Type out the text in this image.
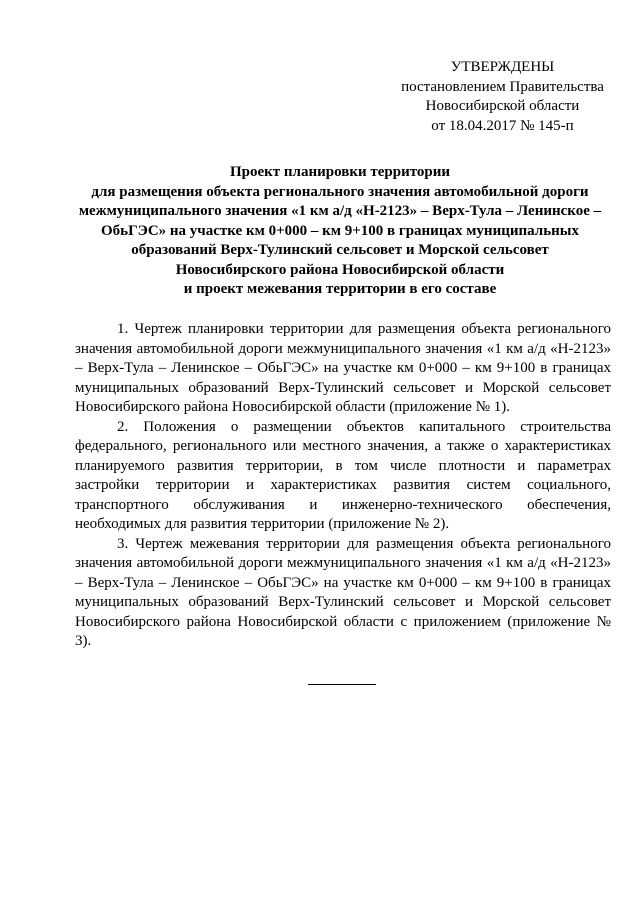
УТВЕРЖДЕНЫ
постановлением Правительства
Новосибирской области
от 18.04.2017 № 145-п
Проект планировки территории
для размещения объекта регионального значения автомобильной дороги
межмуниципального значения «1 км а/д «Н-2123» – Верх-Тула – Ленинское –
ОбьГЭС» на участке км 0+000 – км 9+100 в границах муниципальных
образований Верх-Тулинский сельсовет и Морской сельсовет
Новосибирского района Новосибирской области
и проект межевания территории в его составе

1. Чертеж планировки территории для размещения объекта регионального значения автомобильной дороги межмуниципального значения «1 км а/д «Н-2123» – Верх-Тула – Ленинское – ОбьГЭС» на участке км 0+000 – км 9+100 в границах муниципальных образований Верх-Тулинский сельсовет и Морской сельсовет Новосибирского района Новосибирской области (приложение № 1).

2. Положения о размещении объектов капитального строительства федерального, регионального или местного значения, а также о характеристиках планируемого развития территории, в том числе плотности и параметрах застройки территории и характеристиках развития систем социального, транспортного обслуживания и инженерно-технического обеспечения, необходимых для развития территории (приложение № 2).

3. Чертеж межевания территории для размещения объекта регионального значения автомобильной дороги межмуниципального значения «1 км а/д «Н-2123» – Верх-Тула – Ленинское – ОбьГЭС» на участке км 0+000 – км 9+100 в границах муниципальных образований Верх-Тулинский сельсовет и Морской сельсовет Новосибирского района Новосибирской области с приложением (приложение № 3).
